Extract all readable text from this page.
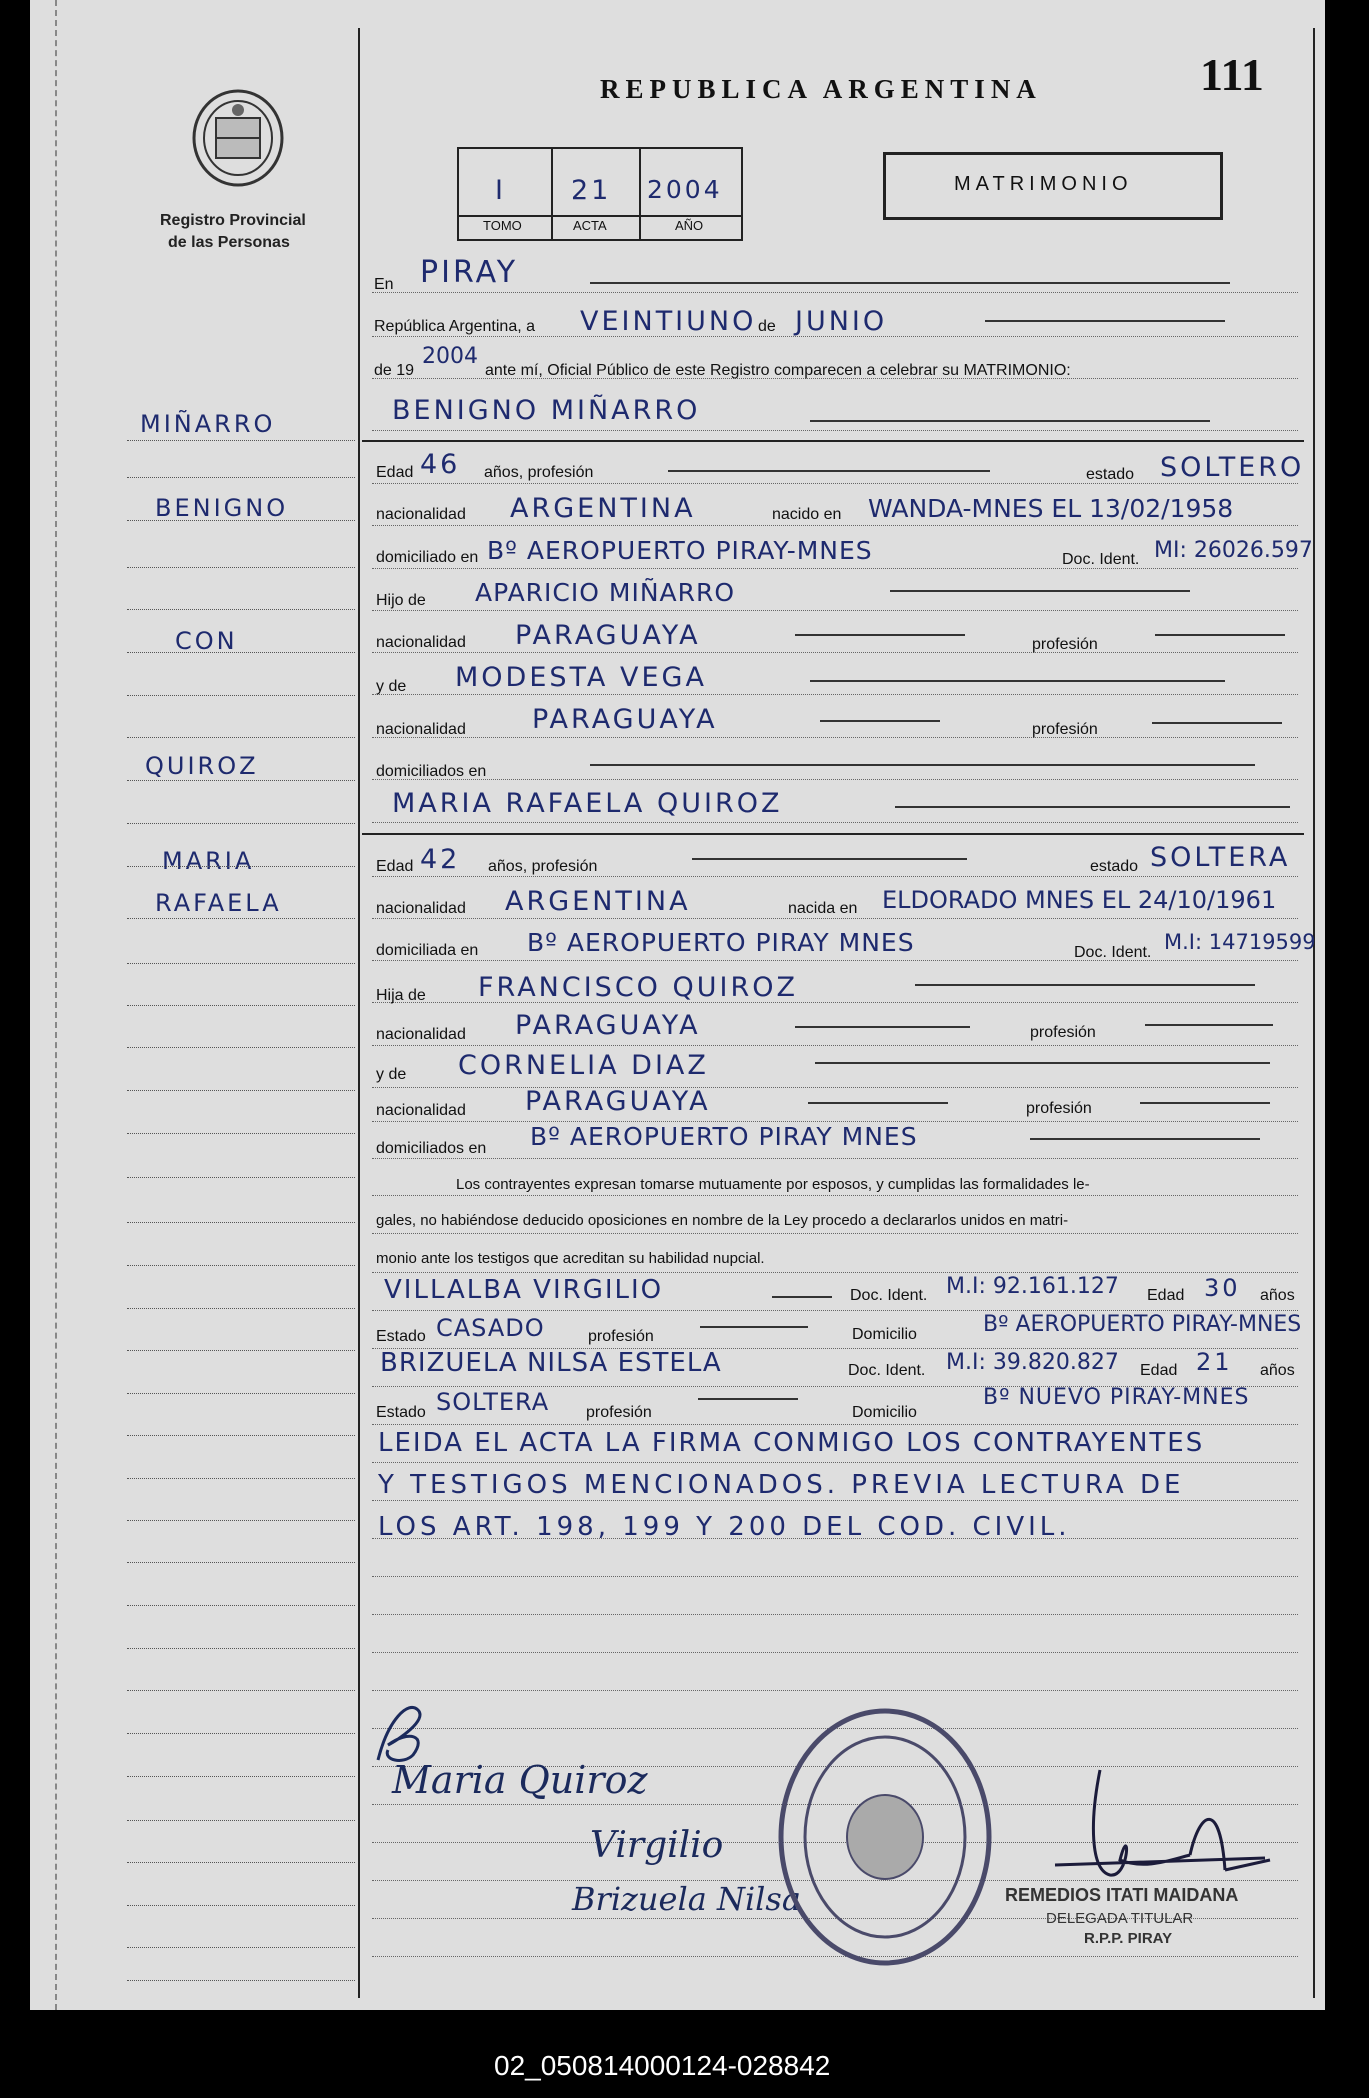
Registro Provincial
de las Personas
REPUBLICA ARGENTINA	111
I 21 2004
TOMO	ACTA	AÑO
MATRIMONIO
MIÑARRO
BENIGNO
CON
QUIROZ
MARIA
RAFAELA
En PIRAY
República Argentina, a VEINTIUNO de JUNIO
de 19
2004
ante mí, Oficial Público de este Registro comparecen a celebrar su MATRIMONIO:
BENIGNO MIÑARRO
Edad 46 años, profesión	estado SOLTERO
nacionalidad ARGENTINA	nacido en WANDA-MNES EL 13/02/1958
domiciliado en Bº AEROPUERTO PIRAY-MNES	Doc. Ident. MI: 26026.597
Hijo de APARICIO MIÑARRO
nacionalidad PARAGUAYA	profesión
y de MODESTA VEGA
nacionalidad PARAGUAYA	profesión
domiciliados en
MARIA RAFAELA QUIROZ
Edad 42 años, profesión	estado SOLTERA
nacionalidad ARGENTINA	nacida en ELDORADO MNES EL 24/10/1961
domiciliada en Bº AEROPUERTO PIRAY MNES	Doc. Ident. M.I: 14719599
Hija de FRANCISCO QUIROZ
nacionalidad PARAGUAYA	profesión
y de CORNELIA DIAZ
nacionalidad PARAGUAYA	profesión
domiciliados en Bº AEROPUERTO PIRAY MNES
Los contrayentes expresan tomarse mutuamente por esposos, y cumplidas las formalidades le-
gales, no habiéndose deducido oposiciones en nombre de la Ley procedo a declararlos unidos en matri-
monio ante los testigos que acreditan su habilidad nupcial.
VILLALBA VIRGILIO	Doc. Ident. M.I: 92.161.127 Edad 30 años
Estado CASADO	profesión	Domicilio	Bº AEROPUERTO PIRAY-MNES
BRIZUELA NILSA ESTELA	Doc. Ident. M.I: 39.820.827 Edad 21 años
Estado SOLTERA profesión	Domicilio
Bº NUEVO PIRAY-MNES
LEIDA EL ACTA LA FIRMA CONMIGO LOS CONTRAYENTES
Y TESTIGOS MENCIONADOS. PREVIA LECTURA DE
LOS ART. 198, 199 Y 200 DEL COD. CIVIL.
Maria Quiroz
Virgilio
Brizuela Nilsa	REMEDIOS ITATI MAIDANA
DELEGADA TITULAR
R.P.P. PIRAY
02_050814000124-028842
